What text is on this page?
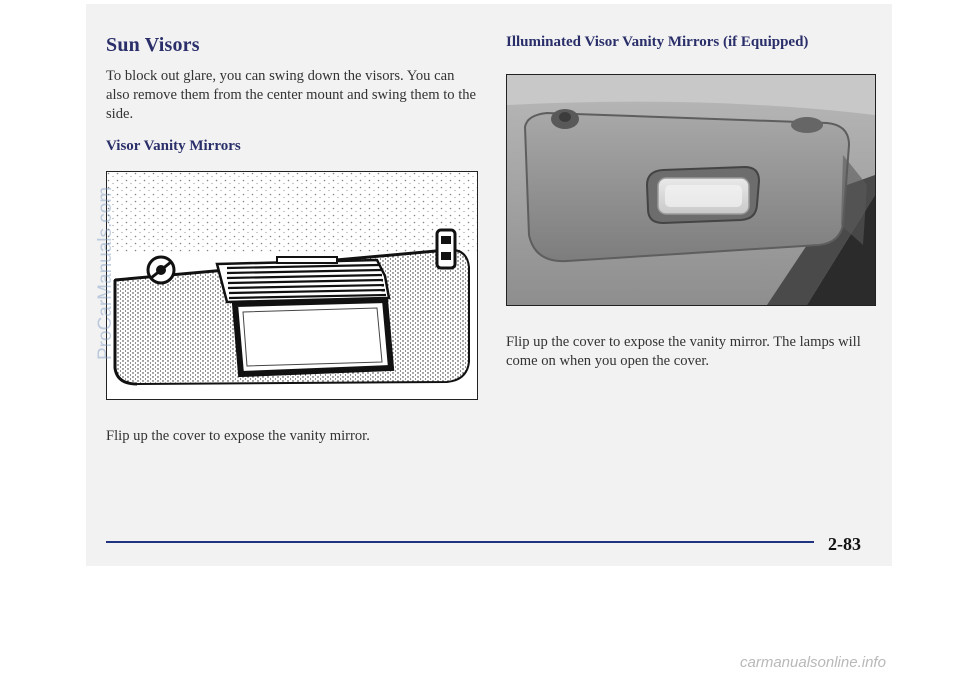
Sun Visors

To block out glare, you can swing down the visors. You can also remove them from the center mount and swing them to the side.

Visor Vanity Mirrors

Flip up the cover to expose the vanity mirror.

Illuminated Visor Vanity Mirrors (if Equipped)

Flip up the cover to expose the vanity mirror. The lamps will come on when you open the cover.

ProCarManuals.com
2-83
carmanualsonline.info
